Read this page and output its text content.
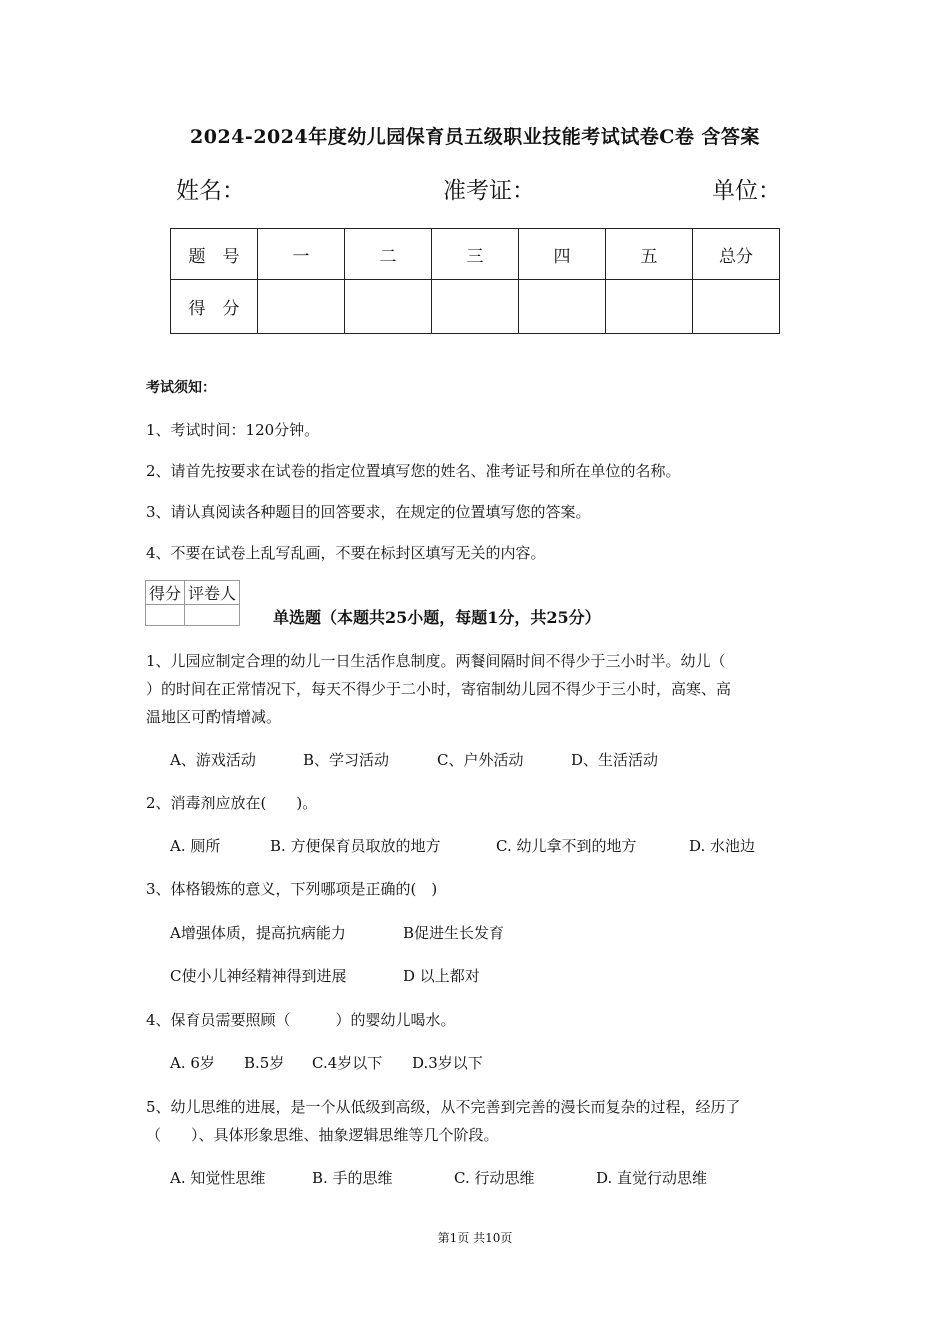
2024-2024年度幼儿园保育员五级职业技能考试试卷C卷 含答案
姓名：	准考证：	单位：
题　号	一	二	三	四	五	总分
得　分						
考试须知：
1、考试时间：120分钟。
2、请首先按要求在试卷的指定位置填写您的姓名、准考证号和所在单位的名称。
3、请认真阅读各种题目的回答要求，在规定的位置填写您的答案。
4、不要在试卷上乱写乱画，不要在标封区填写无关的内容。
得分	评卷人

单选题（本题共25小题，每题1分，共25分）
1、儿园应制定合理的幼儿一日生活作息制度。两餐间隔时间不得少于三小时半。幼儿（
）的时间在正常情况下，每天不得少于二小时，寄宿制幼儿园不得少于三小时，高寒、高
温地区可酌情增减。
A、游戏活动	B、学习活动	C、户外活动	D、生活活动
2、消毒剂应放在(　　)。
A. 厕所	B. 方便保育员取放的地方	C. 幼儿拿不到的地方	D. 水池边
3、体格锻炼的意义，下列哪项是正确的(　)
A增强体质，提高抗病能力	B促进生长发育
C使小儿神经精神得到进展	D 以上都对
4、保育员需要照顾（　　　）的婴幼儿喝水。
A. 6岁 B.5岁 C.4岁以下 D.3岁以下
5、幼儿思维的进展，是一个从低级到高级，从不完善到完善的漫长而复杂的过程，经历了
（　　）、具体形象思维、抽象逻辑思维等几个阶段。
A. 知觉性思维	B. 手的思维	C. 行动思维	D. 直觉行动思维
第1页 共10页
